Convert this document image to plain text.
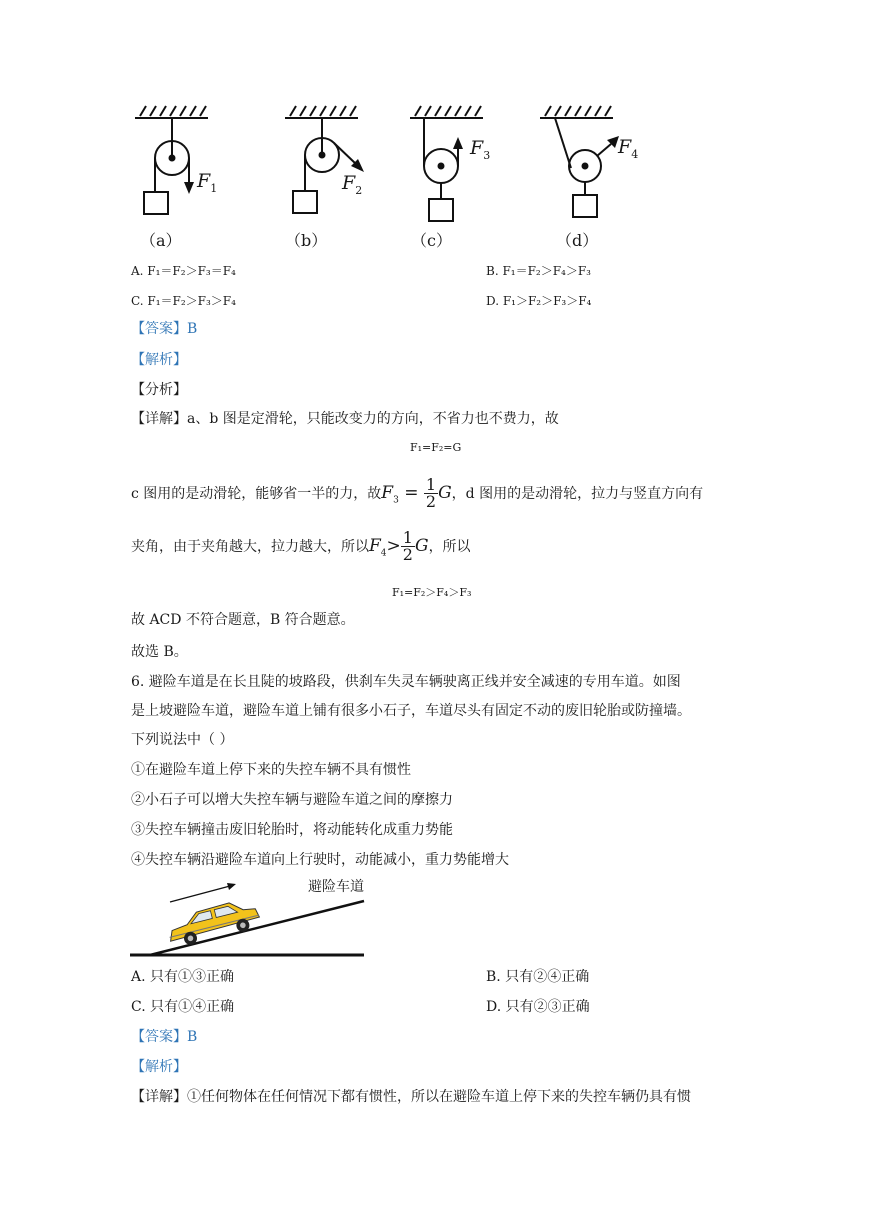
$F_1$	$F_2$
$F_3$	$F_4$
（a）	（b）	（c）	（d）
A. F₁＝F₂＞F₃＝F₄	B. F₁＝F₂＞F₄＞F₃
C. F₁＝F₂＞F₃＞F₄	D. F₁＞F₂＞F₃＞F₄
【答案】B
【解析】
【分析】
【详解】a、b 图是定滑轮，只能改变力的方向，不省力也不费力，故
F₁=F₂=G
c 图用的是动滑轮，能够省一半的力，故$F_3 = \frac{1}{2}$ G，d 图用的是动滑轮，拉力与竖直方向有
夹角，由于夹角越大，拉力越大，所以$F_4> \frac{1}{2}$ G，所以
F₁=F₂＞F₄＞F₃
故 ACD 不符合题意，B 符合题意。
故选 B。
6. 避险车道是在长且陡的坡路段，供刹车失灵车辆驶离正线并安全减速的专用车道。如图
是上坡避险车道，避险车道上铺有很多小石子，车道尽头有固定不动的废旧轮胎或防撞墙。
下列说法中（ ）
①在避险车道上停下来的失控车辆不具有惯性
②小石子可以增大失控车辆与避险车道之间的摩擦力
③失控车辆撞击废旧轮胎时，将动能转化成重力势能
④失控车辆沿避险车道向上行驶时，动能减小，重力势能增大
避险车道
A. 只有①③正确	B. 只有②④正确
C. 只有①④正确	D. 只有②③正确
【答案】B
【解析】
【详解】①任何物体在任何情况下都有惯性，所以在避险车道上停下来的失控车辆仍具有惯
